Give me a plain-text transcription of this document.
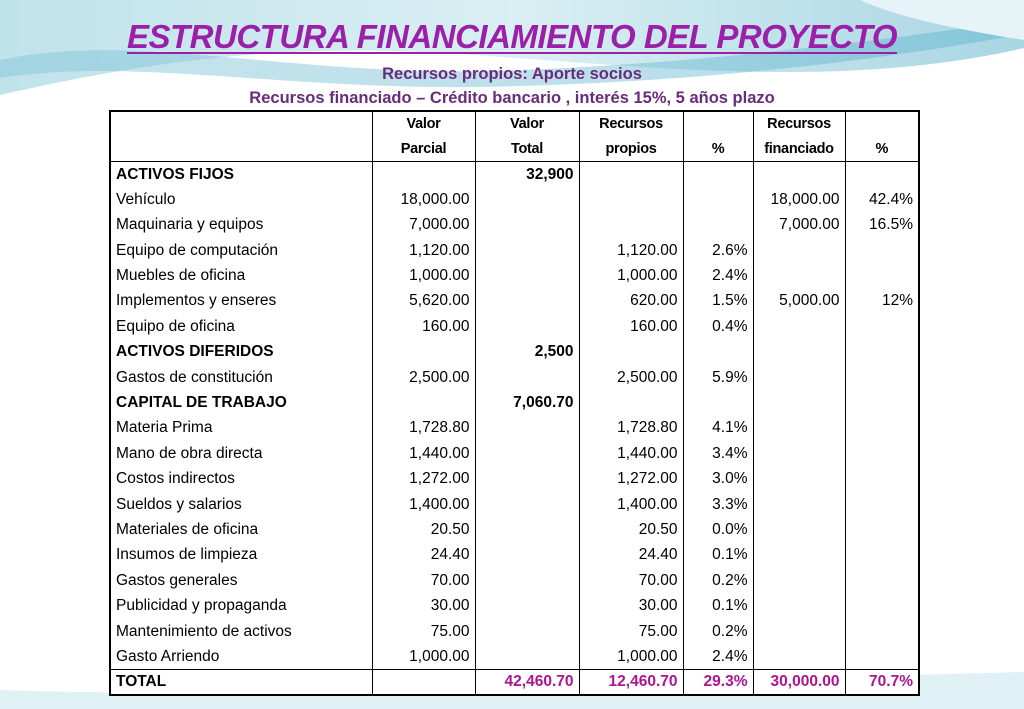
ESTRUCTURA FINANCIAMIENTO DEL PROYECTO
Recursos propios: Aporte socios
Recursos financiado – Crédito bancario , interés 15%, 5 años plazo
	Valor	Valor	Recursos		Recursos	
	Parcial	Total	propios	%	financiado	%
ACTIVOS FIJOS		32,900				
Vehículo	18,000.00				18,000.00	42.4%
Maquinaria y equipos	7,000.00				7,000.00	16.5%
Equipo de computación	1,120.00		1,120.00	2.6%		
Muebles de oficina	1,000.00		1,000.00	2.4%		
Implementos y enseres	5,620.00		620.00	1.5%	5,000.00	12%
Equipo de oficina	160.00		160.00	0.4%		
ACTIVOS DIFERIDOS		2,500				
Gastos de constitución	2,500.00		2,500.00	5.9%		
CAPITAL DE TRABAJO		7,060.70				
Materia Prima	1,728.80		1,728.80	4.1%		
Mano de obra directa	1,440.00		1,440.00	3.4%		
Costos indirectos	1,272.00		1,272.00	3.0%		
Sueldos y salarios	1,400.00		1,400.00	3.3%		
Materiales de oficina	20.50		20.50	0.0%		
Insumos de limpieza	24.40		24.40	0.1%		
Gastos generales	70.00		70.00	0.2%		
Publicidad y propaganda	30.00		30.00	0.1%		
Mantenimiento de activos	75.00		75.00	0.2%		
Gasto Arriendo	1,000.00		1,000.00	2.4%		
TOTAL		42,460.70	12,460.70	29.3%	30,000.00	70.7%
